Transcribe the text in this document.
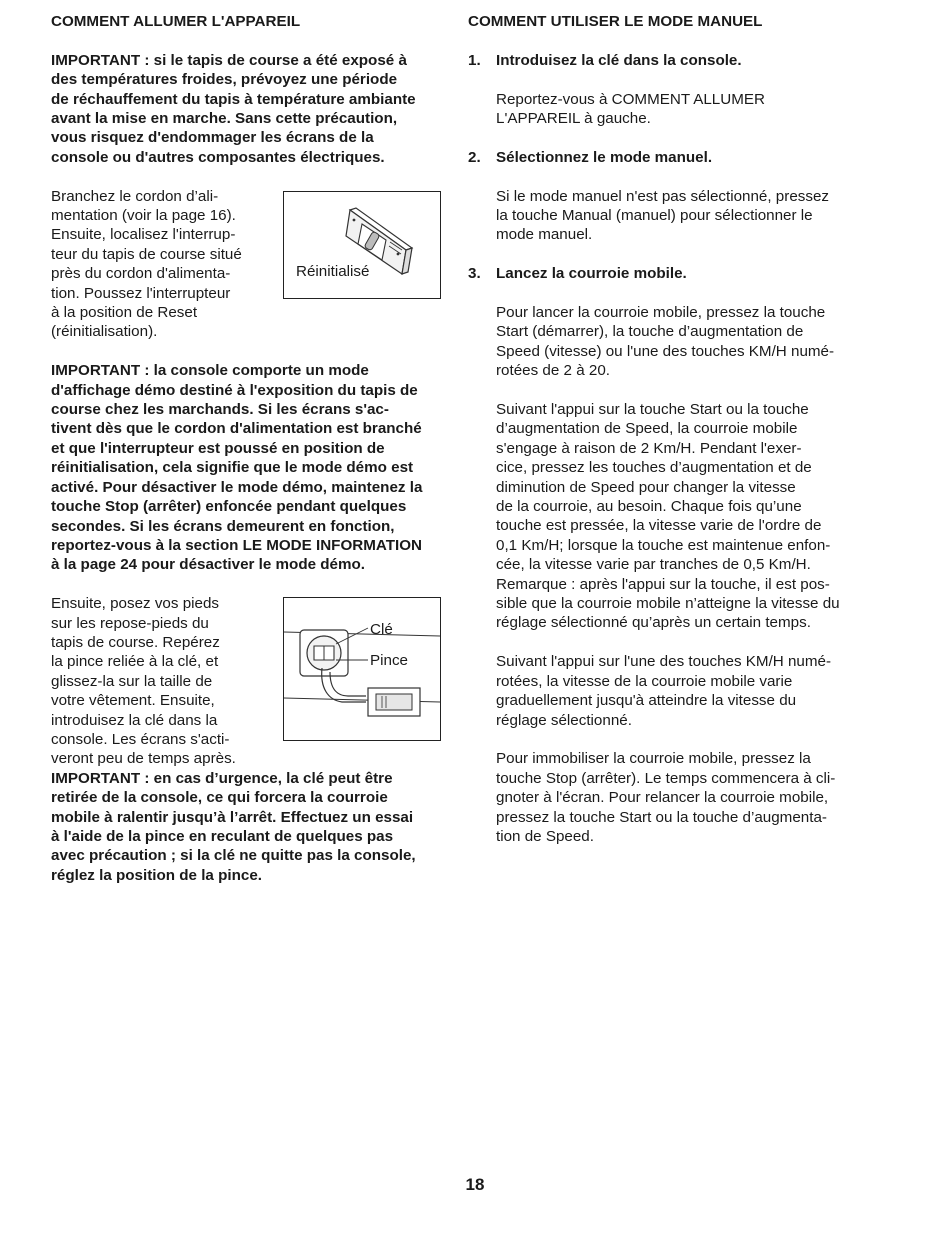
COMMENT ALLUMER L'APPAREIL
IMPORTANT : si le tapis de course a été exposé à
des températures froides, prévoyez une période
de réchauffement du tapis à température ambiante
avant la mise en marche. Sans cette précaution,
vous risquez d'endommager les écrans de la
console ou d'autres composantes électriques.
Branchez le cordon d’ali-
mentation (voir la page 16).
Ensuite, localisez l'interrup-
teur du tapis de course situé
près du cordon d'alimenta-
tion. Poussez l'interrupteur
à la position de Reset
(réinitialisation).
IMPORTANT : la console comporte un mode
d'affichage démo destiné à l'exposition du tapis de
course chez les marchands. Si les écrans s'ac-
tivent dès que le cordon d'alimentation est branché
et que l'interrupteur est poussé en position de
réinitialisation, cela signifie que le mode démo est
activé. Pour désactiver le mode démo, maintenez la
touche Stop (arrêter) enfoncée pendant quelques
secondes. Si les écrans demeurent en fonction,
reportez-vous à la section LE MODE INFORMATION
à la page 24 pour désactiver le mode démo.
Ensuite, posez vos pieds
sur les repose-pieds du
tapis de course. Repérez
la pince reliée à la clé, et
glissez-la sur la taille de
votre vêtement. Ensuite,
introduisez la clé dans la
console. Les écrans s'acti-
veront peu de temps après.
IMPORTANT : en cas d’urgence, la clé peut être
retirée de la console, ce qui forcera la courroie
mobile à ralentir jusqu’à l’arrêt. Effectuez un essai
à l'aide de la pince en reculant de quelques pas
avec précaution ; si la clé ne quitte pas la console,
réglez la position de la pince.
Réinitialisé
Clé
Pince
COMMENT UTILISER LE MODE MANUEL
1.	Introduisez la clé dans la console.
Reportez-vous à COMMENT ALLUMER
L'APPAREIL à gauche.
2.	Sélectionnez le mode manuel.
Si le mode manuel n'est pas sélectionné, pressez
la touche Manual (manuel) pour sélectionner le
mode manuel.
3.	Lancez la courroie mobile.
Pour lancer la courroie mobile, pressez la touche
Start (démarrer), la touche d’augmentation de
Speed (vitesse) ou l'une des touches KM/H numé-
rotées de 2 à 20.
Suivant l'appui sur la touche Start ou la touche
d’augmentation de Speed, la courroie mobile
s'engage à raison de 2 Km/H. Pendant l'exer-
cice, pressez les touches d’augmentation et de
diminution de Speed pour changer la vitesse
de la courroie, au besoin. Chaque fois qu’une
touche est pressée, la vitesse varie de l'ordre de
0,1 Km/H; lorsque la touche est maintenue enfon-
cée, la vitesse varie par tranches de 0,5 Km/H.
Remarque : après l'appui sur la touche, il est pos-
sible que la courroie mobile n’atteigne la vitesse du
réglage sélectionné qu’après un certain temps.
Suivant l'appui sur l'une des touches KM/H numé-
rotées, la vitesse de la courroie mobile varie
graduellement jusqu'à atteindre la vitesse du
réglage sélectionné.
Pour immobiliser la courroie mobile, pressez la
touche Stop (arrêter). Le temps commencera à cli-
gnoter à l'écran. Pour relancer la courroie mobile,
pressez la touche Start ou la touche d’augmenta-
tion de Speed.
18
